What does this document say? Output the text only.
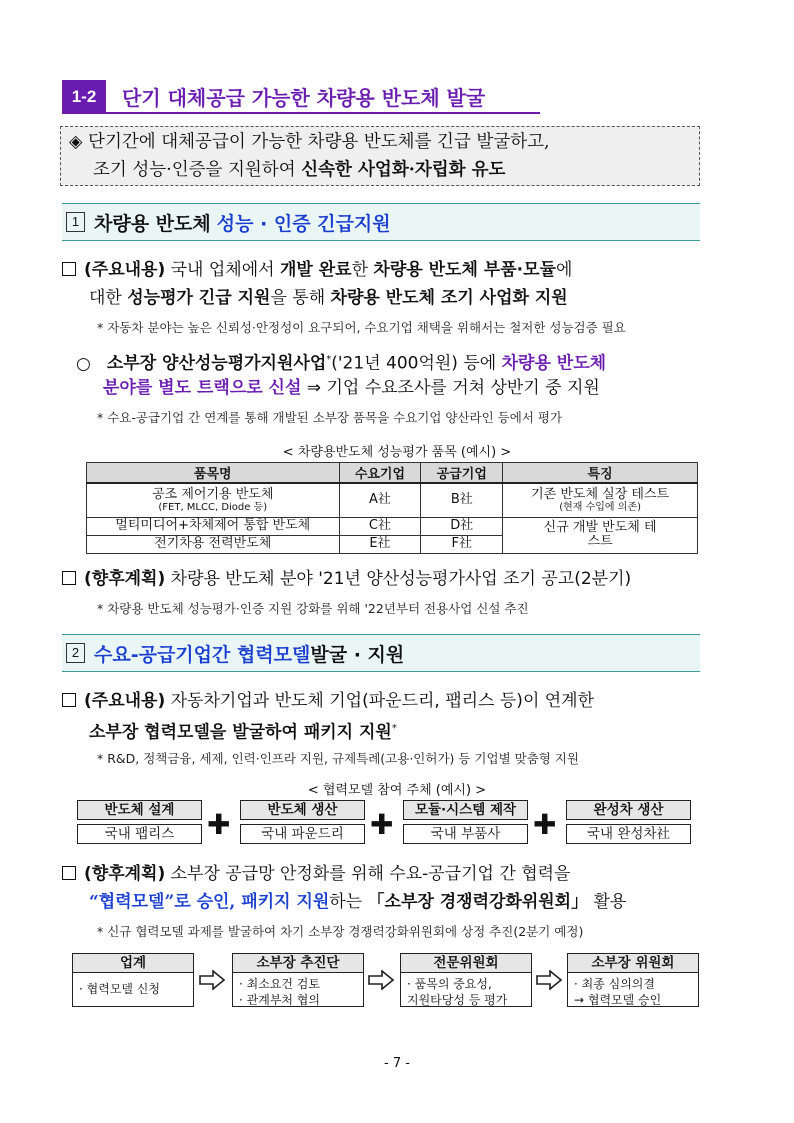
1-2	단기 대체공급 가능한 차량용 반도체 발굴
◈ 단기간에 대체공급이 가능한 차량용 반도체를 긴급 발굴하고,
조기 성능·인증을 지원하여 신속한 사업화·자립화 유도
1 차량용 반도체 성능 · 인증 긴급지원
(주요내용) 국내 업체에서 개발 완료한 차량용 반도체 부품·모듈에
대한 성능평가 긴급 지원을 통해 차량용 반도체 조기 사업화 지원
* 자동차 분야는 높은 신뢰성·안정성이 요구되어, 수요기업 채택을 위해서는 철저한 성능검증 필요
○ 소부장 양산성능평가지원사업*('21년 400억원) 등에 차량용 반도체
분야를 별도 트랙으로 신설 ⇒ 기업 수요조사를 거쳐 상반기 중 지원
* 수요-공급기업 간 연계를 통해 개발된 소부장 품목을 수요기업 양산라인 등에서 평가
< 차량용반도체 성능평가 품목 (예시) >
품목명	수요기업	공급기업	특징
공조 제어기용 반도체
(FET, MLCC, Diode 등)	A社	B社	기존 반도체 실장 테스트
(현재 수입에 의존)

멀티미디어+차체제어 통합 반도체	C社	D社	신규 개발 반도체 테스트
전기차용 전력반도체	E社	F社	
(향후계획) 차량용 반도체 분야 '21년 양산성능평가사업 조기 공고(2분기)
* 차량용 반도체 성능평가·인증 지원 강화를 위해 '22년부터 전용사업 신설 추진
2 수요-공급기업간 협력모델 발굴 · 지원
(주요내용) 자동차기업과 반도체 기업(파운드리, 팹리스 등)이 연계한
소부장 협력모델을 발굴하여 패키지 지원*
* R&D, 정책금융, 세제, 인력·인프라 지원, 규제특례(고용·인허가) 등 기업별 맞춤형 지원
< 협력모델 참여 주체 (예시) >
반도체 설계
국내 팹리스	✚	반도체 생산
국내 파운드리 ✚	모듈·시스템 제작
국내 부품사	✚	완성차 생산
국내 완성차社
(향후계획) 소부장 공급망 안정화를 위해 수요-공급기업 간 협력을
“협력모델”로 승인, 패키지 지원하는 「소부장 경쟁력강화위원회」 활용
* 신규 협력모델 과제를 발굴하여 차기 소부장 경쟁력강화위원회에 상정 추진(2분기 예정)
업계
· 협력모델 신청
소부장 추진단
· 최소요건 검토
· 관계부처 협의
전문위원회
· 품목의 중요성,
지원타당성 등 평가
소부장 위원회
· 최종 심의의결
→ 협력모델 승인
- 7 -
